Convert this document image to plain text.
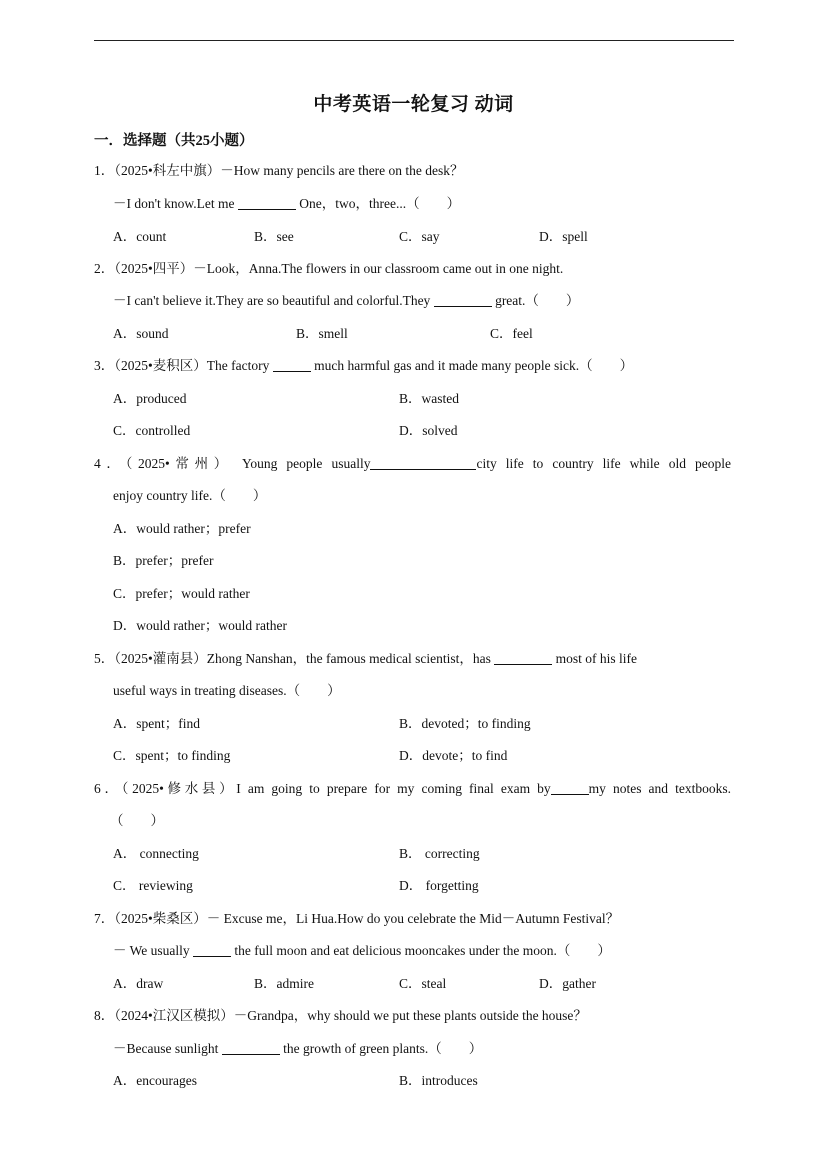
中考英语一轮复习 动词
一．选择题（共25小题）
1．（2025•科左中旗）－How many pencils are there on the desk？
－I don't know.Let me	One，two，three...（　　）
A．count	B．see	C．say	D．spell
2．（2025•四平）－Look，Anna.The flowers in our classroom came out in one night.
－I can't believe it.They are so beautiful and colorful.They	great.（　　）
A．sound	B．smell	C．feel
3．（2025•麦积区）The factory	much harmful gas and it made many people sick.（　　）
A．produced	B．wasted
C．controlled	D．solved
4．（2025•常州） Young people usually	city life to country life while old people
enjoy country life.（　　）
A．would rather；prefer
B．prefer；prefer
C．prefer；would rather
D．would rather；would rather
5．（2025•灌南县）Zhong Nanshan，the famous medical scientist，has	most of his life
useful ways in treating diseases.（　　）
A．spent；find	B．devoted；to finding
C．spent；to finding	D．devote；to find
6．（2025•修水县）I am going to prepare for my coming final exam by	my notes and textbooks.
（　　）
A． connecting	B． correcting
C． reviewing	D． forgetting
7．（2025•柴桑区）－ Excuse me，Li Hua.How do you celebrate the Mid－Autumn Festival？
－ We usually	the full moon and eat delicious mooncakes under the moon.（　　）
A．draw	B．admire	C．steal	D．gather
8．（2024•江汉区模拟）－Grandpa，why should we put these plants outside the house？
－Because sunlight	the growth of green plants.（　　）
A．encourages	B．introduces
